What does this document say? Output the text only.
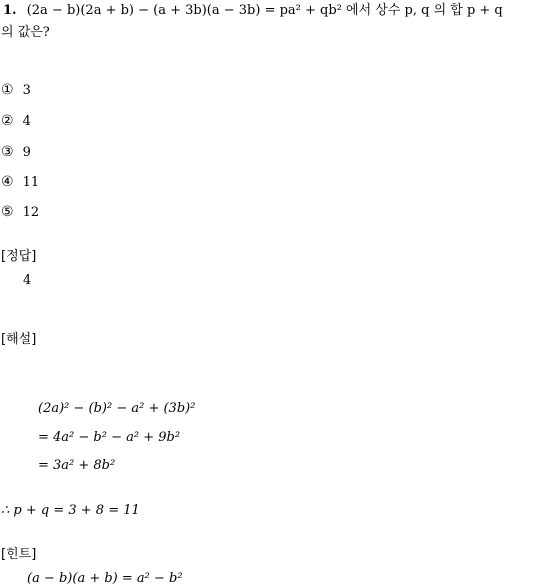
1. (2a − b)(2a + b) − (a + 3b)(a − 3b) = pa² + qb² 에서 상수 p, q 의 합 p + q
의 값은?
① 3
② 4
③ 9
④ 11
⑤ 12
[정답]
4
[해설]
(2a)² − (b)² − a² + (3b)²
= 4a² − b² − a² + 9b²
= 3a² + 8b²
∴ p + q = 3 + 8 = 11
[힌트]
(a − b)(a + b) = a² − b²
